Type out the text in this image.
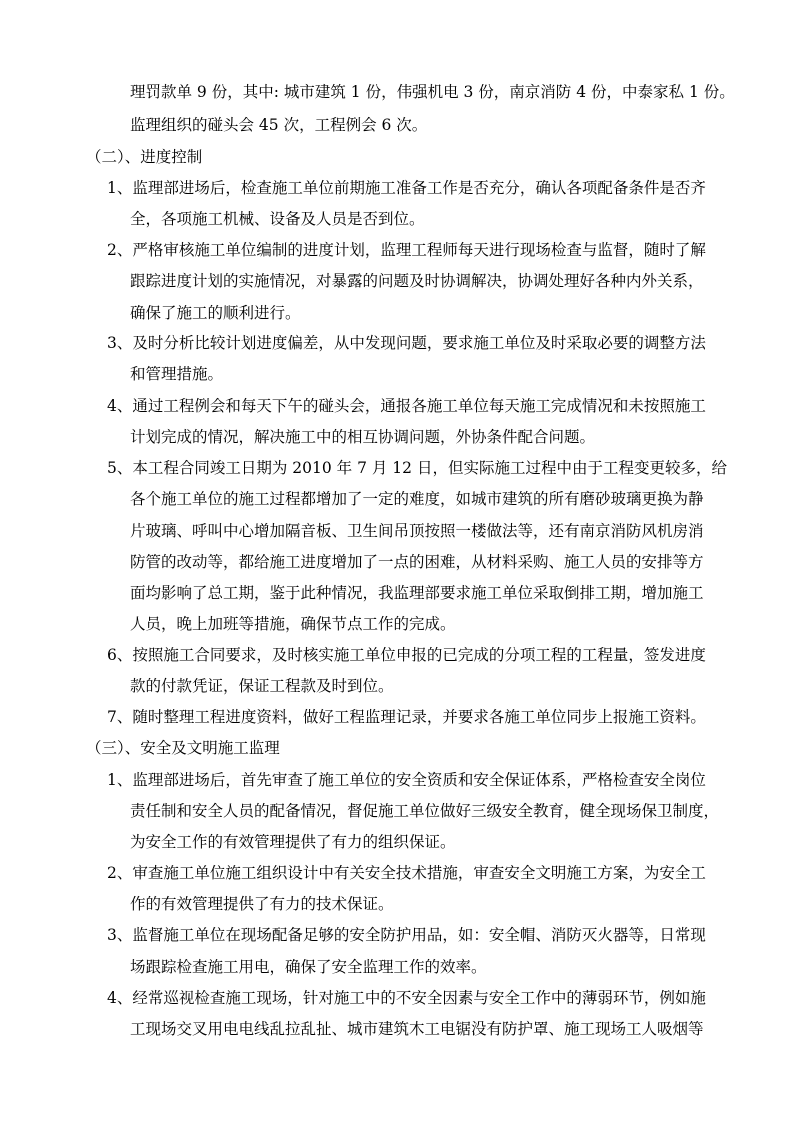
理罚款单 9 份，其中: 城市建筑 1 份，伟强机电 3 份，南京消防 4 份，中泰家私 1 份。
监理组织的碰头会 45 次，工程例会 6 次。
（二）、进度控制
1、监理部进场后，检查施工单位前期施工准备工作是否充分，确认各项配备条件是否齐
全，各项施工机械、设备及人员是否到位。
2、严格审核施工单位编制的进度计划，监理工程师每天进行现场检查与监督，随时了解
跟踪进度计划的实施情况，对暴露的问题及时协调解决，协调处理好各种内外关系，
确保了施工的顺利进行。
3、及时分析比较计划进度偏差，从中发现问题，要求施工单位及时采取必要的调整方法
和管理措施。
4、通过工程例会和每天下午的碰头会，通报各施工单位每天施工完成情况和未按照施工
计划完成的情况，解决施工中的相互协调问题，外协条件配合问题。
5、本工程合同竣工日期为 2010 年 7 月 12 日，但实际施工过程中由于工程变更较多，给
各个施工单位的施工过程都增加了一定的难度，如城市建筑的所有磨砂玻璃更换为静
片玻璃、呼叫中心增加隔音板、卫生间吊顶按照一楼做法等，还有南京消防风机房消
防管的改动等，都给施工进度增加了一点的困难，从材料采购、施工人员的安排等方
面均影响了总工期，鉴于此种情况，我监理部要求施工单位采取倒排工期，增加施工
人员，晚上加班等措施，确保节点工作的完成。
6、按照施工合同要求，及时核实施工单位申报的已完成的分项工程的工程量，签发进度
款的付款凭证，保证工程款及时到位。
7、随时整理工程进度资料，做好工程监理记录，并要求各施工单位同步上报施工资料。
（三）、安全及文明施工监理
1、监理部进场后，首先审查了施工单位的安全资质和安全保证体系，严格检查安全岗位
责任制和安全人员的配备情况，督促施工单位做好三级安全教育，健全现场保卫制度，
为安全工作的有效管理提供了有力的组织保证。
2、审查施工单位施工组织设计中有关安全技术措施，审查安全文明施工方案，为安全工
作的有效管理提供了有力的技术保证。
3、监督施工单位在现场配备足够的安全防护用品，如：安全帽、消防灭火器等，日常现
场跟踪检查施工用电，确保了安全监理工作的效率。
4、经常巡视检查施工现场，针对施工中的不安全因素与安全工作中的薄弱环节，例如施
工现场交叉用电电线乱拉乱扯、城市建筑木工电锯没有防护罩、施工现场工人吸烟等
